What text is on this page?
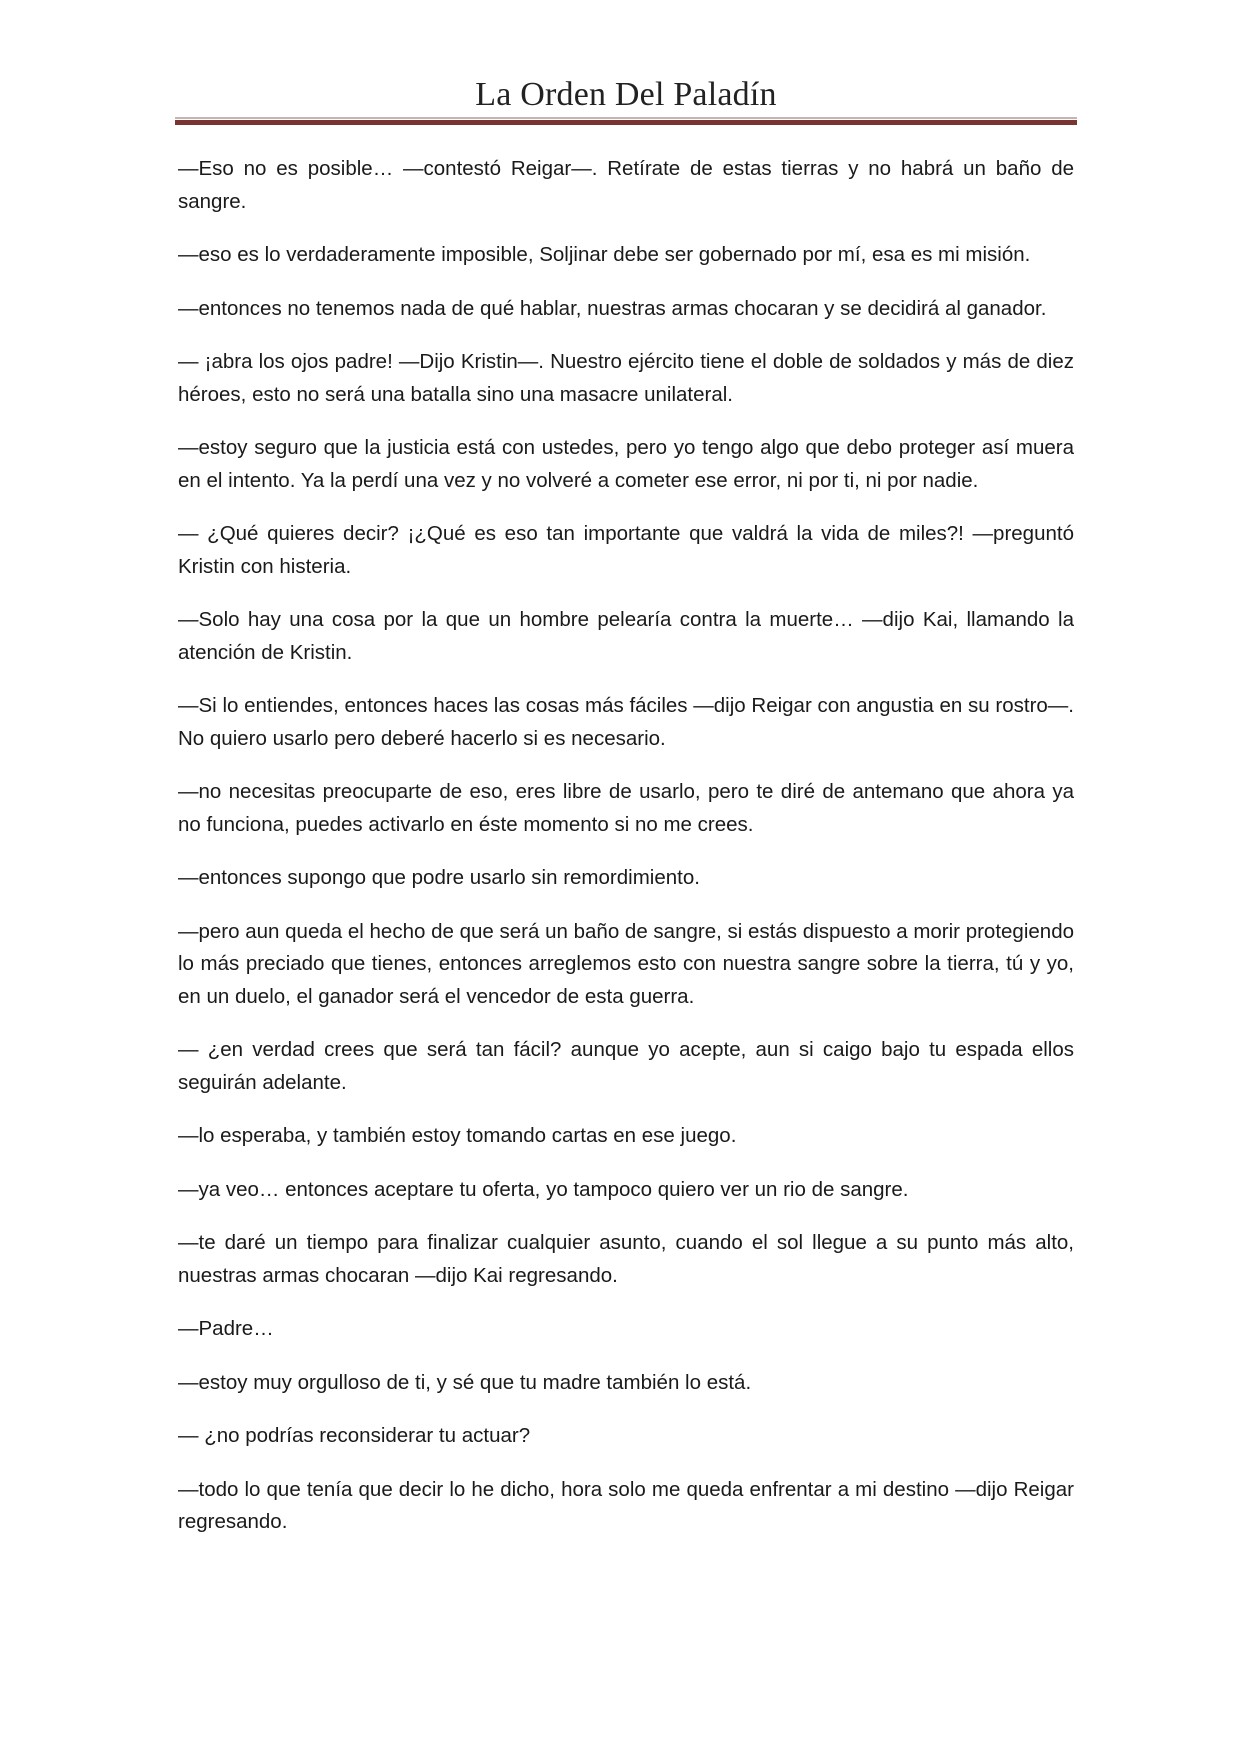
La Orden Del Paladín

—Eso no es posible… —contestó Reigar—. Retírate de estas tierras y no habrá un baño de sangre.

—eso es lo verdaderamente imposible, Soljinar debe ser gobernado por mí, esa es mi misión.

—entonces no tenemos nada de qué hablar, nuestras armas chocaran y se decidirá al ganador.

— ¡abra los ojos padre! —Dijo Kristin—. Nuestro ejército tiene el doble de soldados y más de diez héroes, esto no será una batalla sino una masacre unilateral.

—estoy seguro que la justicia está con ustedes, pero yo tengo algo que debo proteger así muera en el intento. Ya la perdí una vez y no volveré a cometer ese error, ni por ti, ni por nadie.

— ¿Qué quieres decir? ¡¿Qué es eso tan importante que valdrá la vida de miles?! —preguntó Kristin con histeria.

—Solo hay una cosa por la que un hombre pelearía contra la muerte… —dijo Kai, llamando la atención de Kristin.

—Si lo entiendes, entonces haces las cosas más fáciles —dijo Reigar con angustia en su rostro—. No quiero usarlo pero deberé hacerlo si es necesario.

—no necesitas preocuparte de eso, eres libre de usarlo, pero te diré de antemano que ahora ya no funciona, puedes activarlo en éste momento si no me crees.

—entonces supongo que podre usarlo sin remordimiento.

—pero aun queda el hecho de que será un baño de sangre, si estás dispuesto a morir protegiendo lo más preciado que tienes, entonces arreglemos esto con nuestra sangre sobre la tierra, tú y yo, en un duelo, el ganador será el vencedor de esta guerra.

— ¿en verdad crees que será tan fácil? aunque yo acepte, aun si caigo bajo tu espada ellos seguirán adelante.

—lo esperaba, y también estoy tomando cartas en ese juego.

—ya veo… entonces aceptare tu oferta, yo tampoco quiero ver un rio de sangre.

—te daré un tiempo para finalizar cualquier asunto, cuando el sol llegue a su punto más alto, nuestras armas chocaran —dijo Kai regresando.

—Padre…

—estoy muy orgulloso de ti, y sé que tu madre también lo está.

— ¿no podrías reconsiderar tu actuar?

—todo lo que tenía que decir lo he dicho, hora solo me queda enfrentar a mi destino —dijo Reigar regresando.
